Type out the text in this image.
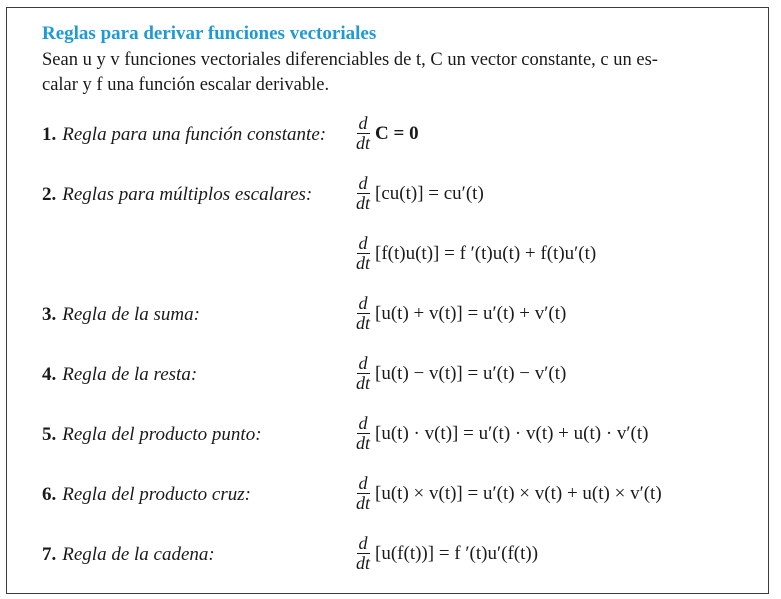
Reglas para derivar funciones vectoriales
Sean u y v funciones vectoriales diferenciables de t, C un vector constante, c un es-
calar y f una función escalar derivable.
1. Regla para una función constante: $\frac{d}{dt}$ C = 0
2. Reglas para múltiplos escalares: $\frac{d}{dt} [cu(t)] = cu'(t)$
$\frac{d}{dt} [f(t)u(t)] = f$ ′(t)u(t) + f(t)u′(t)
3. Regla de la suma:	$\frac{d}{dt} [u(t) + v(t)] = u'(t) + v'(t)$
4. Regla de la resta:	$\frac{d}{dt} [u(t) - v(t)] = u'(t) - v'(t)$
5. Regla del producto punto:	$\frac{d}{dt} [u(t) \cdot v(t)] = u'(t) \cdot v(t) + u(t) \cdot v'(t)$
6. Regla del producto cruz:	$\frac{d}{dt} [u(t) \times v(t)] = u'(t) \times v(t) + u(t) \times v'(t)$
7. Regla de la cadena:	$\frac{d}{dt} [u(f(t))] = f$ ′(t)u′(f(t))
